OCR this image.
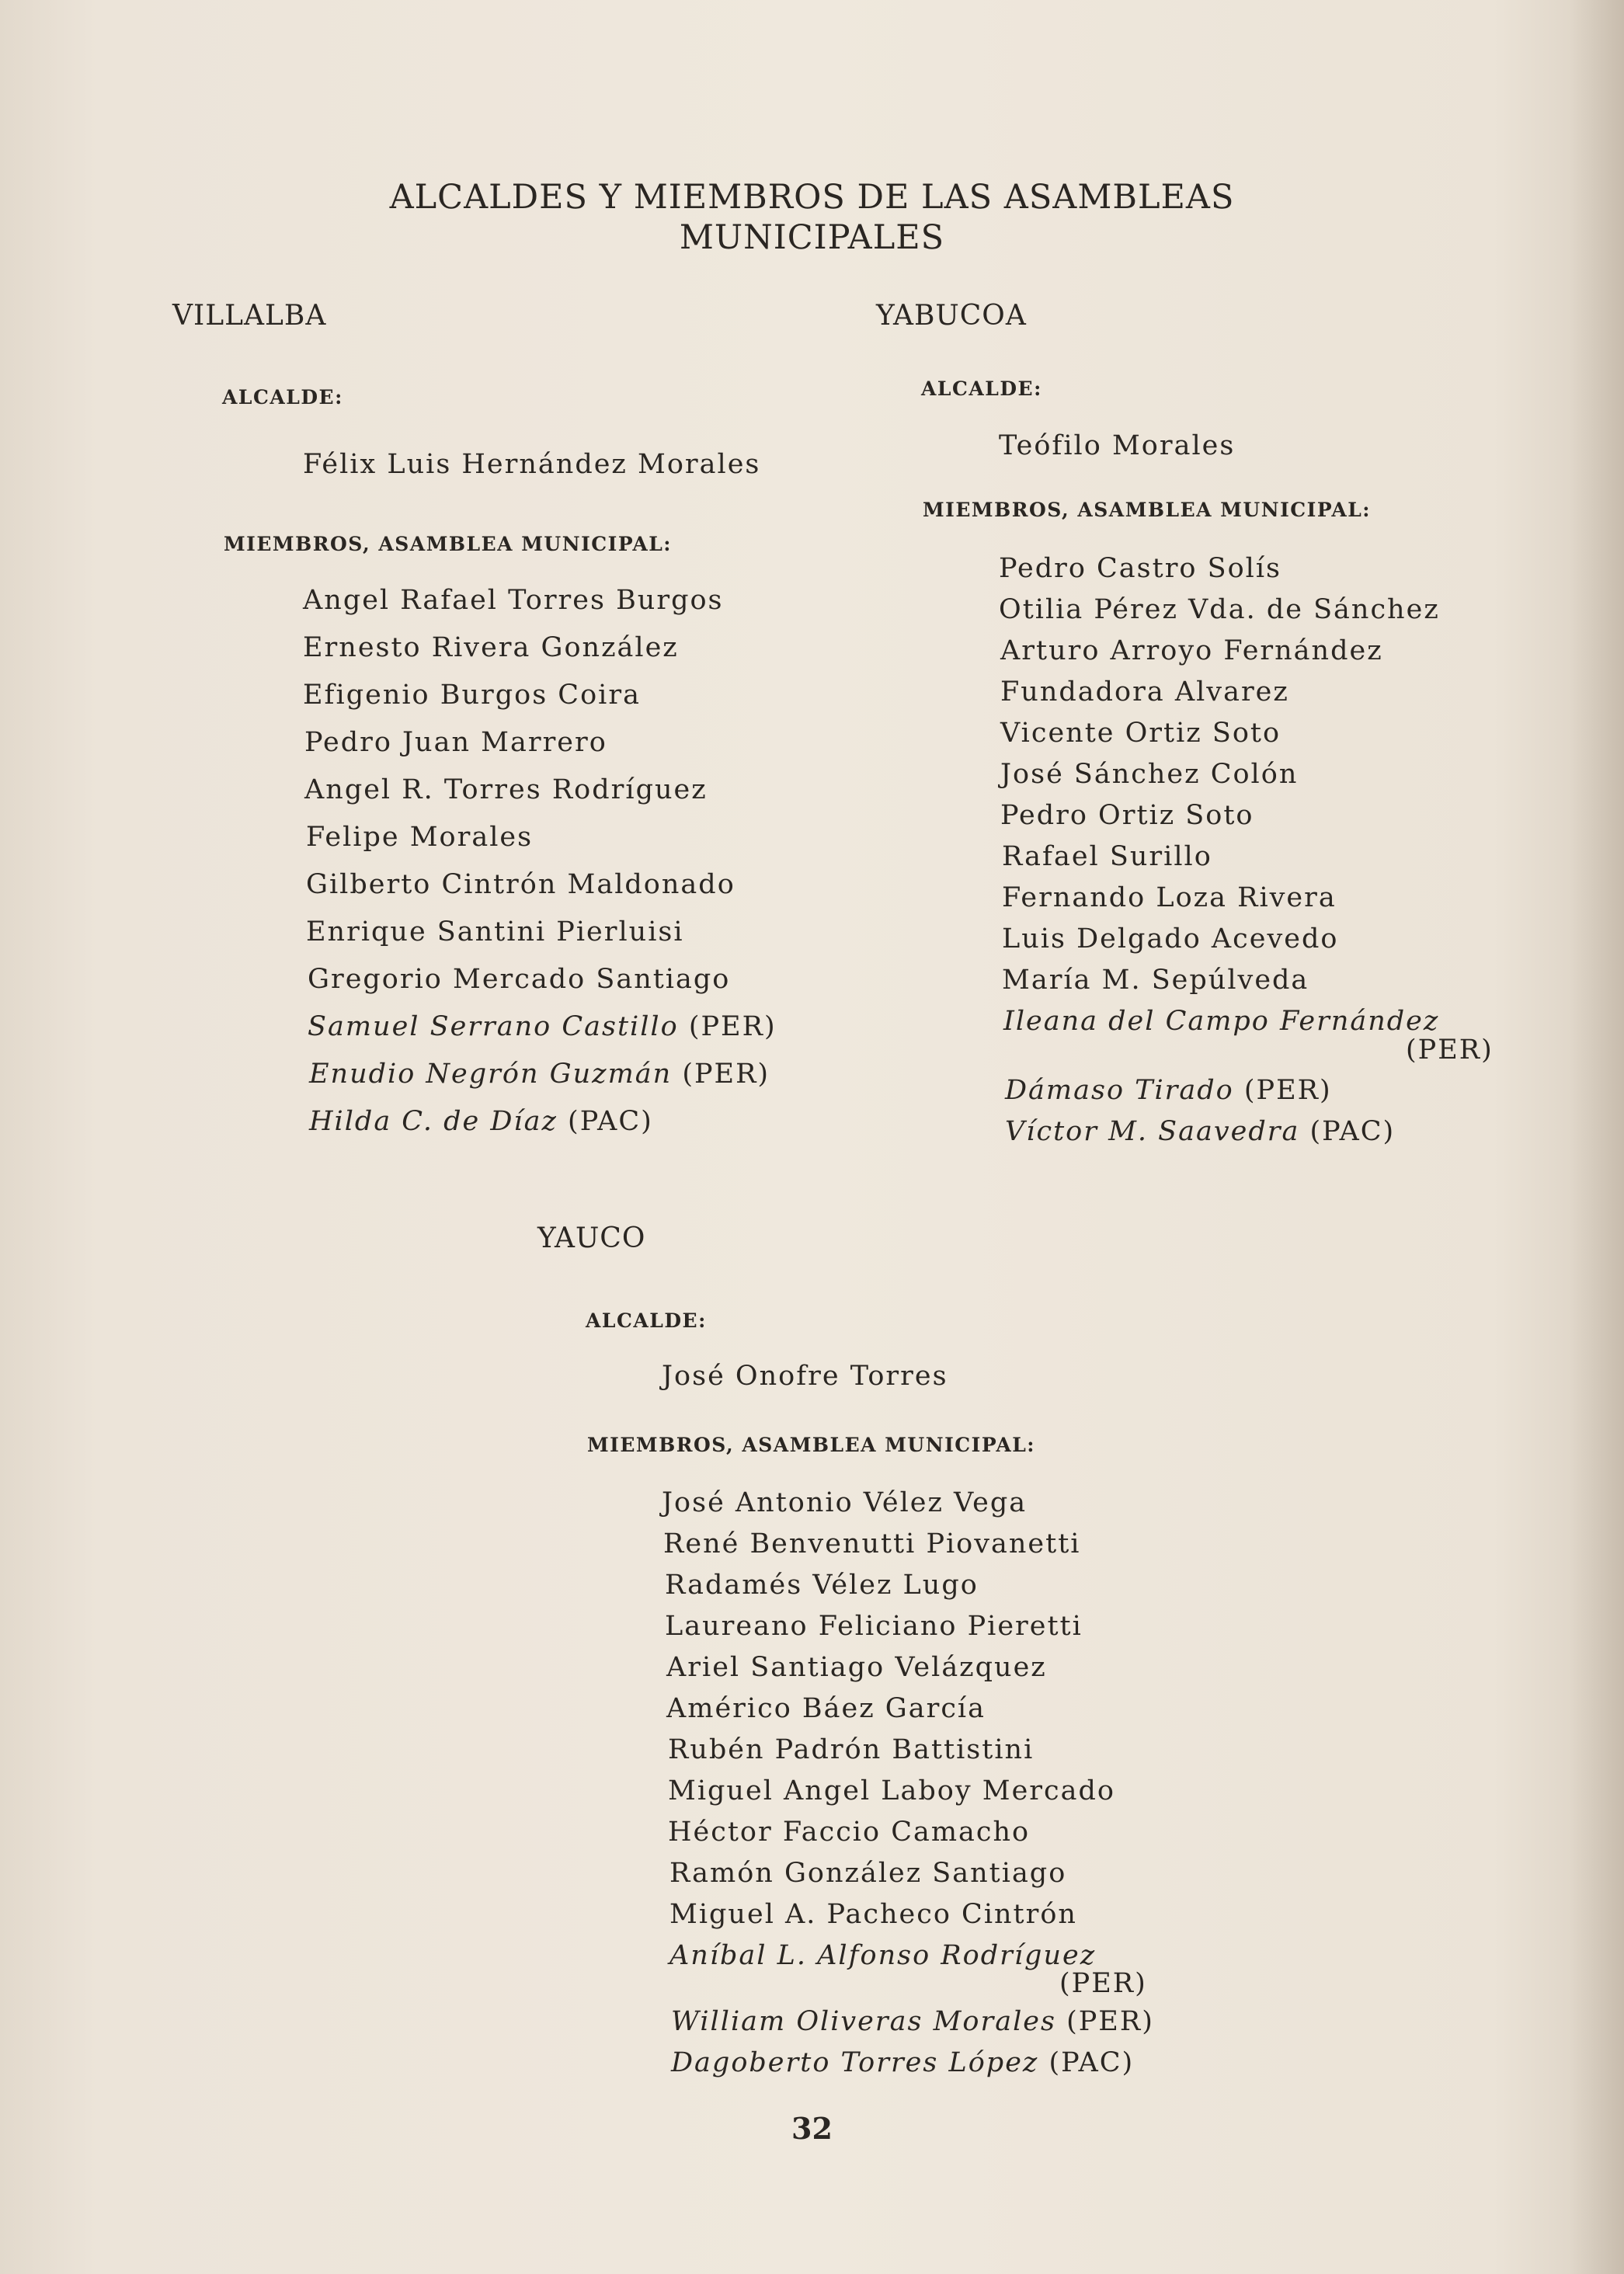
ALCALDES Y MIEMBROS DE LAS ASAMBLEAS
MUNICIPALES
VILLALBA
ALCALDE:
Félix Luis Hernández Morales
MIEMBROS, ASAMBLEA MUNICIPAL:
Angel Rafael Torres Burgos
Ernesto Rivera González
Efigenio Burgos Coira
Pedro Juan Marrero
Angel R. Torres Rodríguez
Felipe Morales
Gilberto Cintrón Maldonado
Enrique Santini Pierluisi
Gregorio Mercado Santiago
Samuel Serrano Castillo (PER)
Enudio Negrón Guzmán (PER)
Hilda C. de Díaz (PAC)
YABUCOA
ALCALDE:
Teófilo Morales
MIEMBROS, ASAMBLEA MUNICIPAL:
Pedro Castro Solís
Otilia Pérez Vda. de Sánchez
Arturo Arroyo Fernández
Fundadora Alvarez
Vicente Ortiz Soto
José Sánchez Colón
Pedro Ortiz Soto
Rafael Surillo
Fernando Loza Rivera
Luis Delgado Acevedo
María M. Sepúlveda
Ileana del Campo Fernández
(PER)
Dámaso Tirado (PER)
Víctor M. Saavedra (PAC)
YAUCO
ALCALDE:
José Onofre Torres
MIEMBROS, ASAMBLEA MUNICIPAL:
José Antonio Vélez Vega
René Benvenutti Piovanetti
Radamés Vélez Lugo
Laureano Feliciano Pieretti
Ariel Santiago Velázquez
Américo Báez García
Rubén Padrón Battistini
Miguel Angel Laboy Mercado
Héctor Faccio Camacho
Ramón González Santiago
Miguel A. Pacheco Cintrón
Aníbal L. Alfonso Rodríguez
(PER)
William Oliveras Morales (PER)
Dagoberto Torres López (PAC)
32
